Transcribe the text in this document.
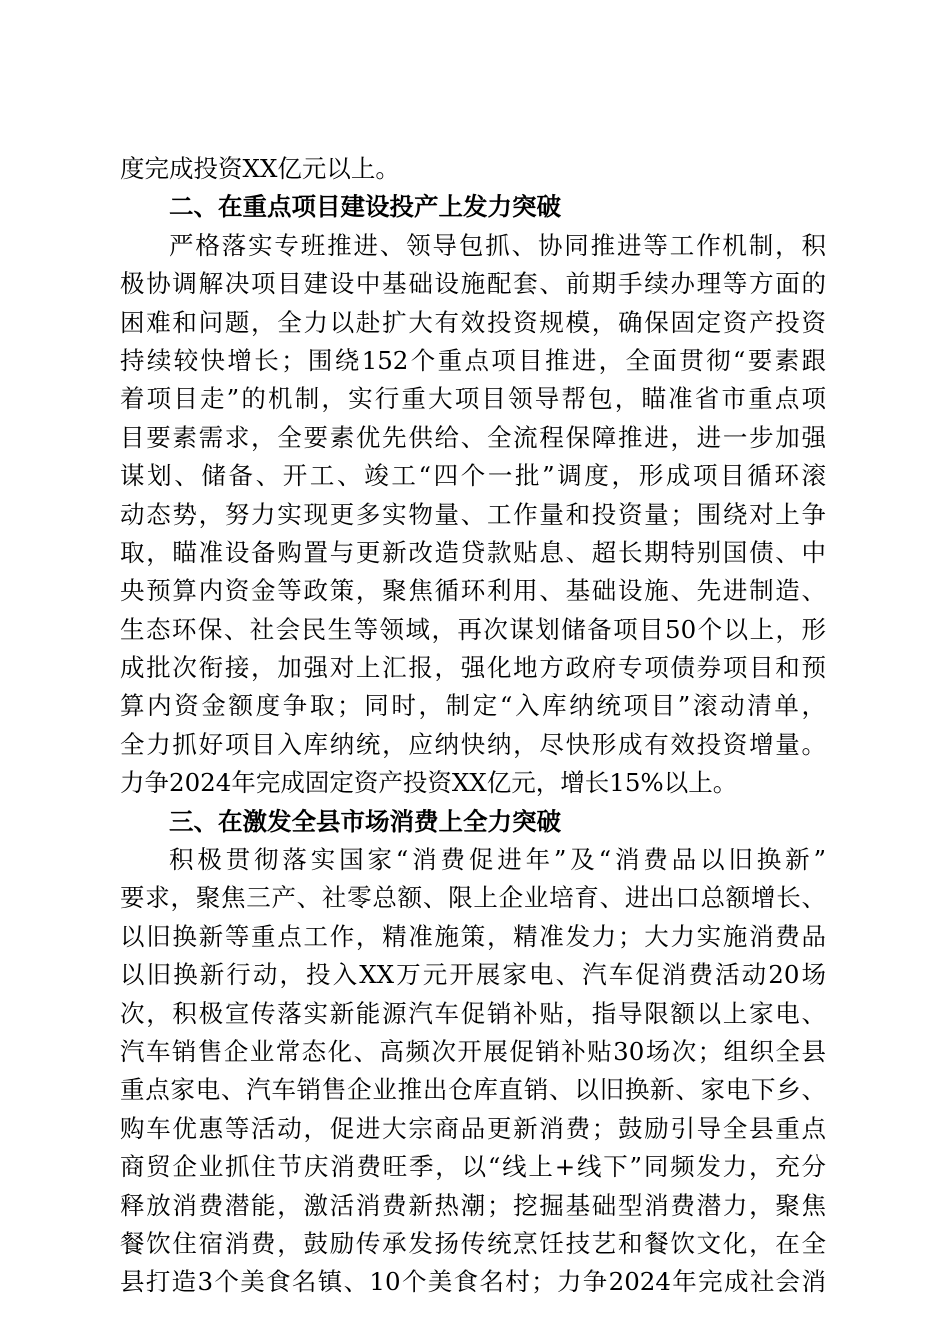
度完成投资XX亿元以上。
二、在重点项目建设投产上发力突破
严格落实专班推进、领导包抓、协同推进等工作机制，积
极协调解决项目建设中基础设施配套、前期手续办理等方面的
困难和问题，全力以赴扩大有效投资规模，确保固定资产投资
持续较快增长；围绕152个重点项目推进，全面贯彻“要素跟
着项目走”的机制，实行重大项目领导帮包，瞄准省市重点项
目要素需求，全要素优先供给、全流程保障推进，进一步加强
谋划、储备、开工、竣工“四个一批”调度，形成项目循环滚
动态势，努力实现更多实物量、工作量和投资量；围绕对上争
取，瞄准设备购置与更新改造贷款贴息、超长期特别国债、中
央预算内资金等政策，聚焦循环利用、基础设施、先进制造、
生态环保、社会民生等领域，再次谋划储备项目50个以上，形
成批次衔接，加强对上汇报，强化地方政府专项债券项目和预
算内资金额度争取；同时，制定“入库纳统项目”滚动清单，
全力抓好项目入库纳统，应纳快纳，尽快形成有效投资增量。
力争2024年完成固定资产投资XX亿元，增长15%以上。
三、在激发全县市场消费上全力突破
积极贯彻落实国家“消费促进年”及“消费品以旧换新”
要求，聚焦三产、社零总额、限上企业培育、进出口总额增长、
以旧换新等重点工作，精准施策，精准发力；大力实施消费品
以旧换新行动，投入XX万元开展家电、汽车促消费活动20场
次，积极宣传落实新能源汽车促销补贴，指导限额以上家电、
汽车销售企业常态化、高频次开展促销补贴30场次；组织全县
重点家电、汽车销售企业推出仓库直销、以旧换新、家电下乡、
购车优惠等活动，促进大宗商品更新消费；鼓励引导全县重点
商贸企业抓住节庆消费旺季，以“线上+线下”同频发力，充分
释放消费潜能，激活消费新热潮；挖掘基础型消费潜力，聚焦
餐饮住宿消费，鼓励传承发扬传统烹饪技艺和餐饮文化，在全
县打造3个美食名镇、10个美食名村；力争2024年完成社会消
